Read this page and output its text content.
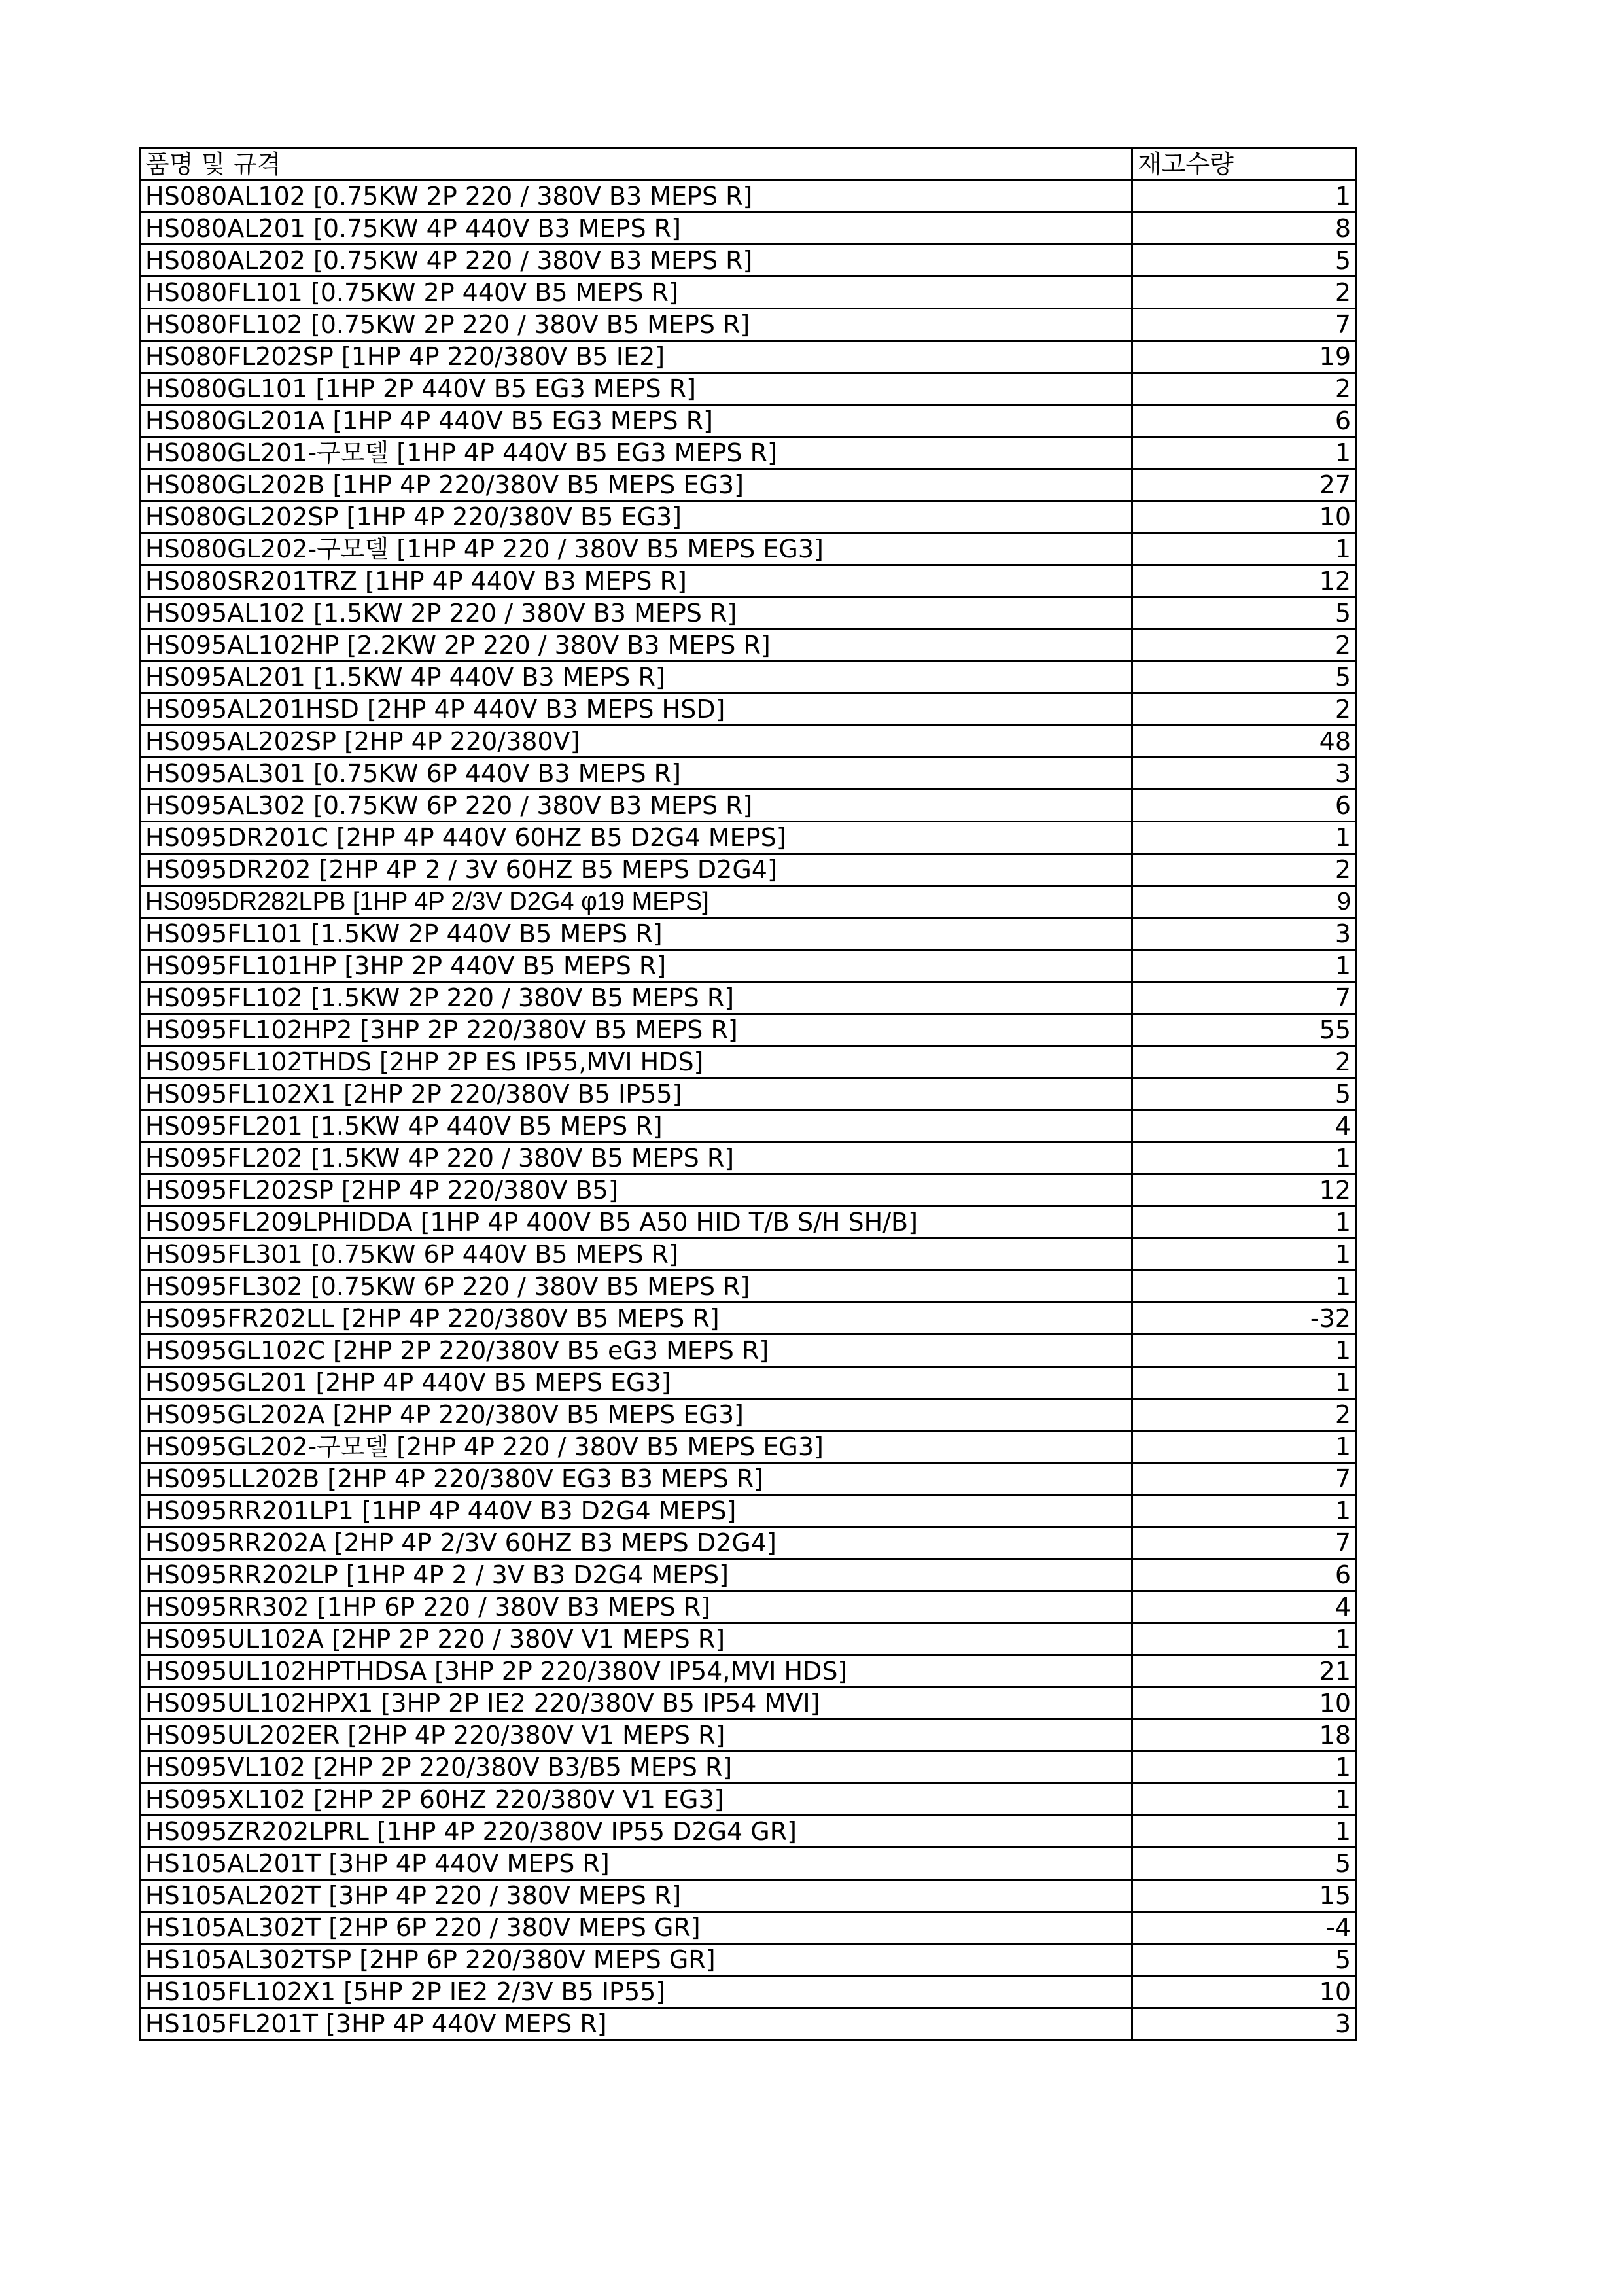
품명 및 규격	재고수량
HS080AL102 [0.75KW 2P 220 / 380V B3 MEPS R]	1
HS080AL201 [0.75KW 4P 440V B3 MEPS R]	8
HS080AL202 [0.75KW 4P 220 / 380V B3 MEPS R]	5
HS080FL101 [0.75KW 2P 440V B5 MEPS R]	2
HS080FL102 [0.75KW 2P 220 / 380V B5 MEPS R]	7
HS080FL202SP [1HP 4P 220/380V B5 IE2]	19
HS080GL101 [1HP 2P 440V B5 EG3 MEPS R]	2
HS080GL201A [1HP 4P 440V B5 EG3 MEPS R]	6
HS080GL201-구모델 [1HP 4P 440V B5 EG3 MEPS R]	1
HS080GL202B [1HP 4P 220/380V B5 MEPS EG3]	27
HS080GL202SP [1HP 4P 220/380V B5 EG3]	10
HS080GL202-구모델 [1HP 4P 220 / 380V B5 MEPS EG3]	1
HS080SR201TRZ [1HP 4P 440V B3 MEPS R]	12
HS095AL102 [1.5KW 2P 220 / 380V B3 MEPS R]	5
HS095AL102HP [2.2KW 2P 220 / 380V B3 MEPS R]	2
HS095AL201 [1.5KW 4P 440V B3 MEPS R]	5
HS095AL201HSD [2HP 4P 440V B3 MEPS HSD]	2
HS095AL202SP [2HP 4P 220/380V]	48
HS095AL301 [0.75KW 6P 440V B3 MEPS R]	3
HS095AL302 [0.75KW 6P 220 / 380V B3 MEPS R]	6
HS095DR201C [2HP 4P 440V 60HZ B5 D2G4 MEPS]	1
HS095DR202 [2HP 4P 2 / 3V 60HZ B5 MEPS D2G4]	2
HS095DR282LPB [1HP 4P 2/3V D2G4 φ19 MEPS]	9
HS095FL101 [1.5KW 2P 440V B5 MEPS R]	3
HS095FL101HP [3HP 2P 440V B5 MEPS R]	1
HS095FL102 [1.5KW 2P 220 / 380V B5 MEPS R]	7
HS095FL102HP2 [3HP 2P 220/380V B5 MEPS R]	55
HS095FL102THDS [2HP 2P ES IP55,MVI HDS]	2
HS095FL102X1 [2HP 2P 220/380V B5 IP55]	5
HS095FL201 [1.5KW 4P 440V B5 MEPS R]	4
HS095FL202 [1.5KW 4P 220 / 380V B5 MEPS R]	1
HS095FL202SP [2HP 4P 220/380V B5]	12
HS095FL209LPHIDDA [1HP 4P 400V B5 A50 HID T/B S/H SH/B]	1
HS095FL301 [0.75KW 6P 440V B5 MEPS R]	1
HS095FL302 [0.75KW 6P 220 / 380V B5 MEPS R]	1
HS095FR202LL [2HP 4P 220/380V B5 MEPS R]	-32
HS095GL102C [2HP 2P 220/380V B5 eG3 MEPS R]	1
HS095GL201 [2HP 4P 440V B5 MEPS EG3]	1
HS095GL202A [2HP 4P 220/380V B5 MEPS EG3]	2
HS095GL202-구모델 [2HP 4P 220 / 380V B5 MEPS EG3]	1
HS095LL202B [2HP 4P 220/380V EG3 B3 MEPS R]	7
HS095RR201LP1 [1HP 4P 440V B3 D2G4 MEPS]	1
HS095RR202A [2HP 4P 2/3V 60HZ B3 MEPS D2G4]	7
HS095RR202LP [1HP 4P 2 / 3V B3 D2G4 MEPS]	6
HS095RR302 [1HP 6P 220 / 380V B3 MEPS R]	4
HS095UL102A [2HP 2P 220 / 380V V1 MEPS R]	1
HS095UL102HPTHDSA [3HP 2P 220/380V IP54,MVI HDS]	21
HS095UL102HPX1 [3HP 2P IE2 220/380V B5 IP54 MVI]	10
HS095UL202ER [2HP 4P 220/380V V1 MEPS R]	18
HS095VL102 [2HP 2P 220/380V B3/B5 MEPS R]	1
HS095XL102 [2HP 2P 60HZ 220/380V V1 EG3]	1
HS095ZR202LPRL [1HP 4P 220/380V IP55 D2G4 GR]	1
HS105AL201T [3HP 4P 440V MEPS R]	5
HS105AL202T [3HP 4P 220 / 380V MEPS R]	15
HS105AL302T [2HP 6P 220 / 380V MEPS GR]	-4
HS105AL302TSP [2HP 6P 220/380V MEPS GR]	5
HS105FL102X1 [5HP 2P IE2 2/3V B5 IP55]	10
HS105FL201T [3HP 4P 440V MEPS R]	3
